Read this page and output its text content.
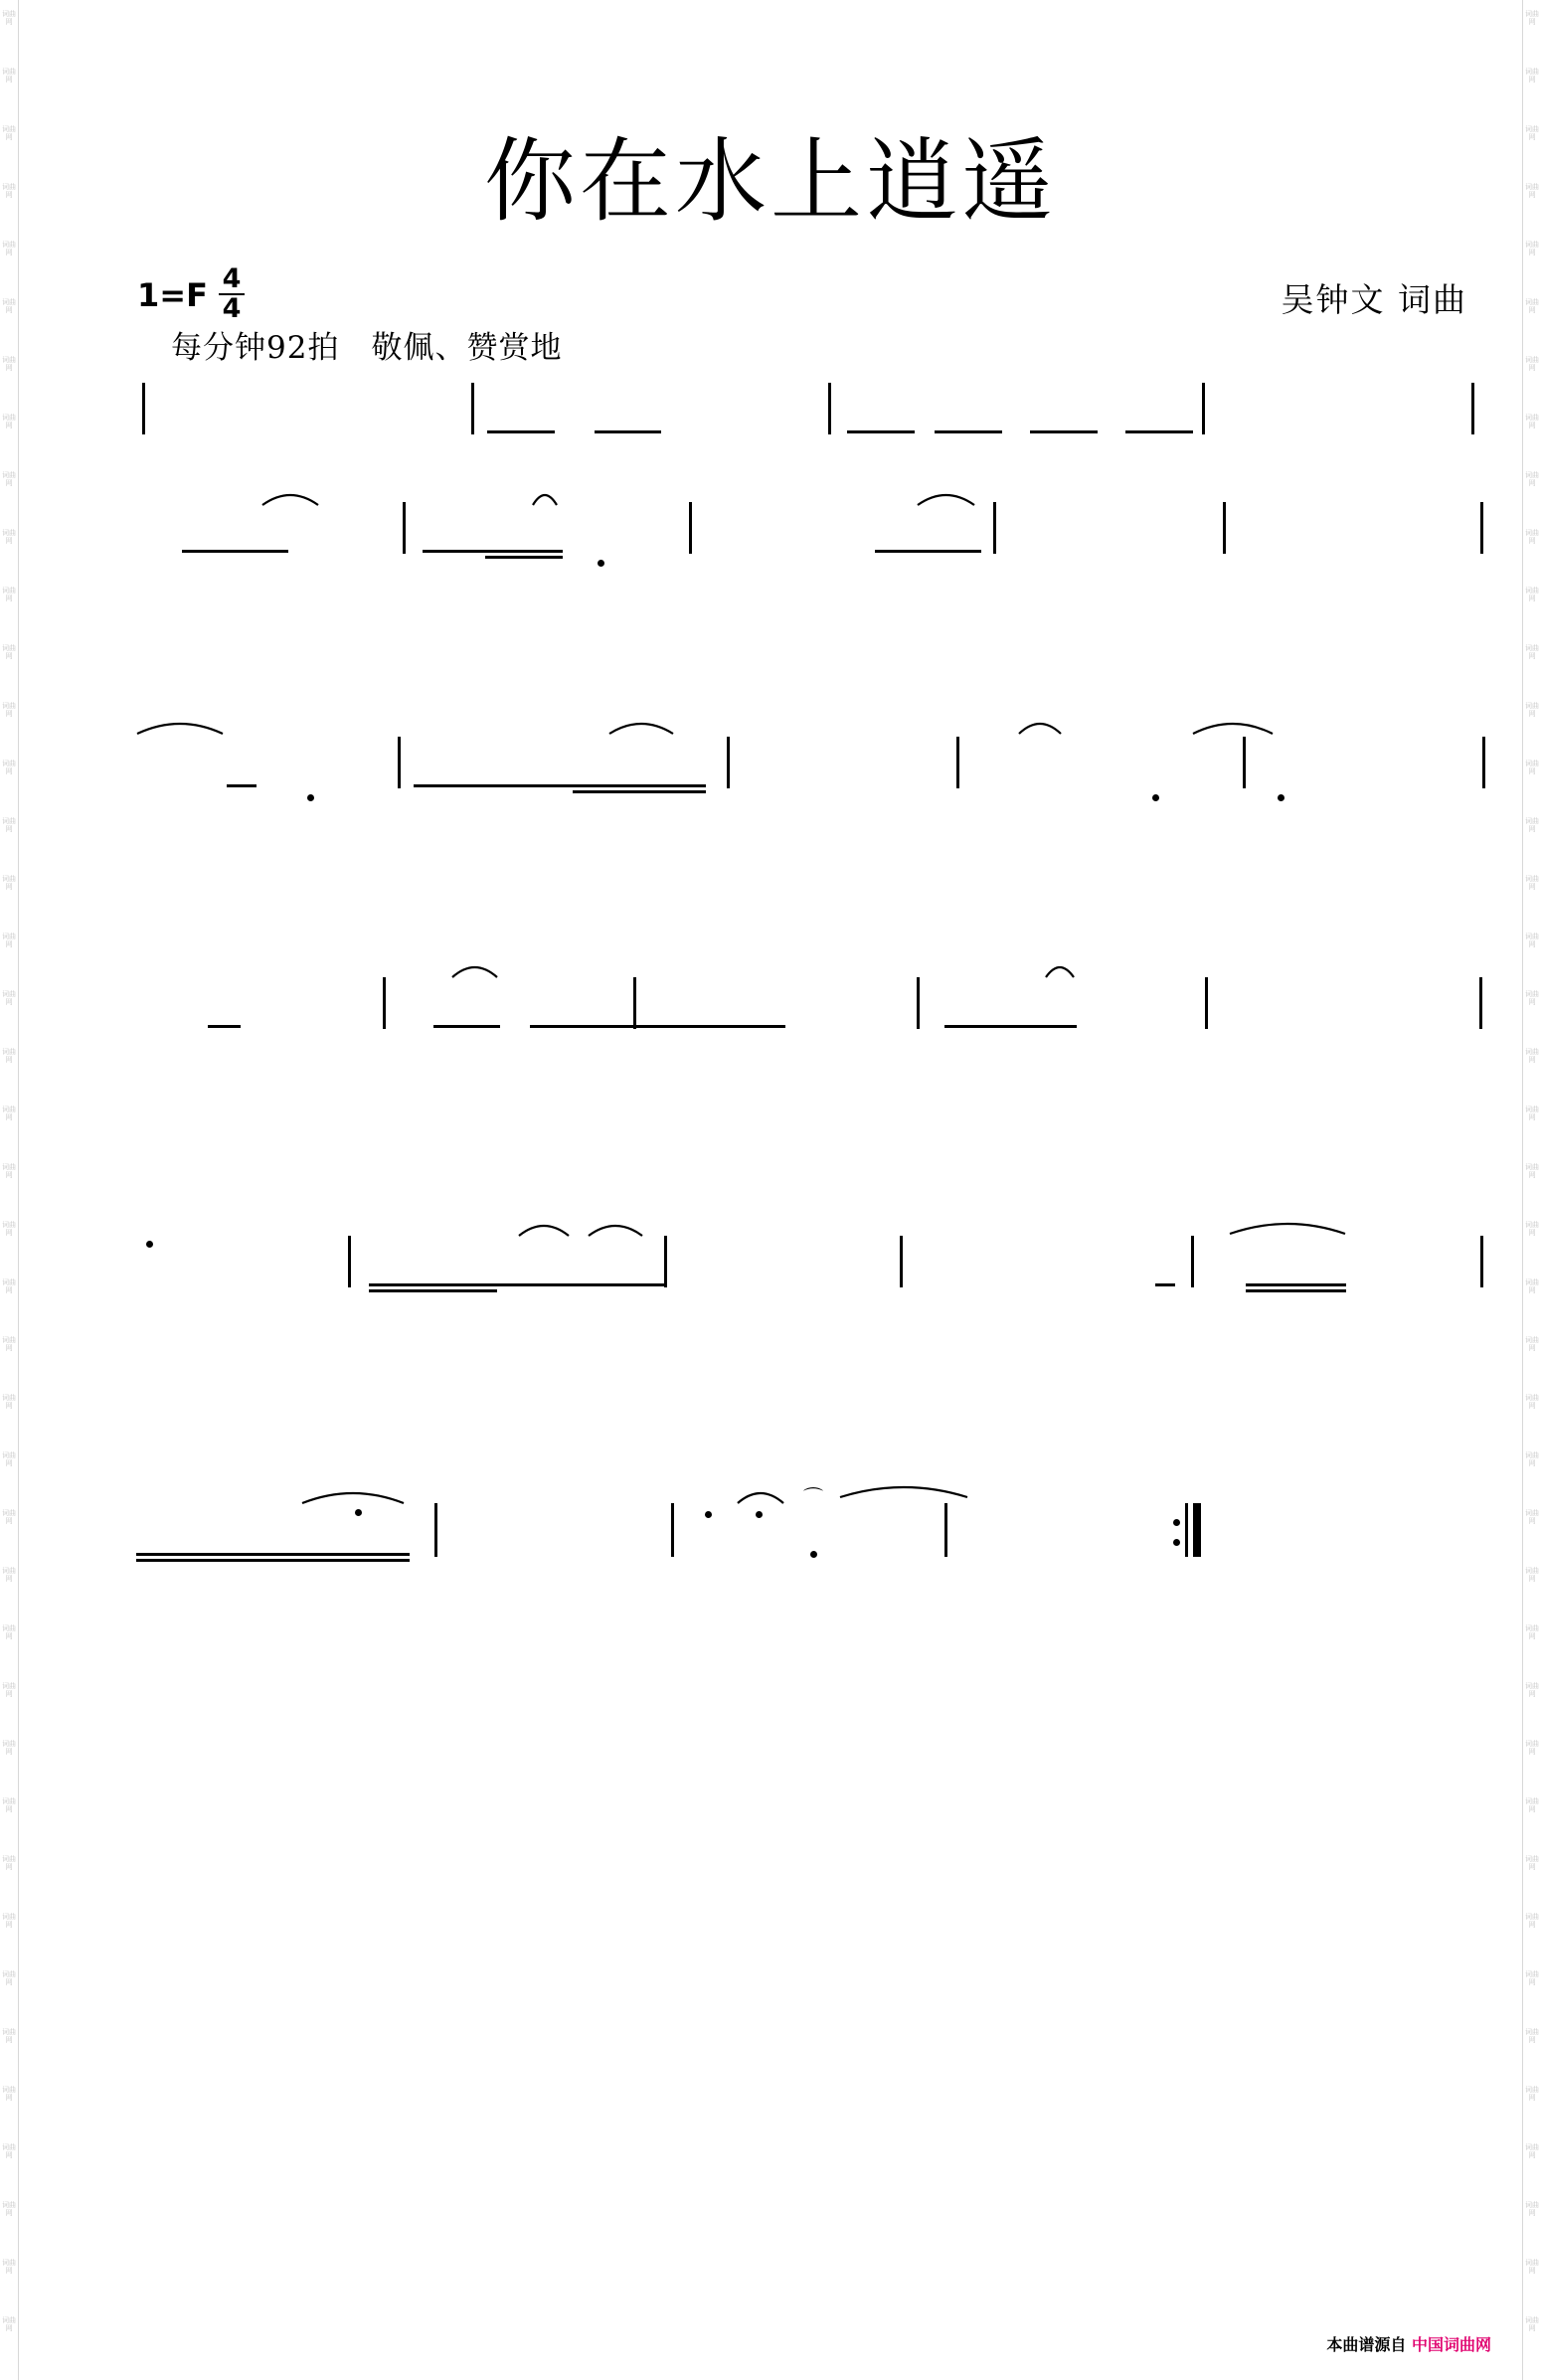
词曲网
词曲网
词曲网
词曲网
词曲网
词曲网
词曲网
词曲网
词曲网
词曲网
词曲网
词曲网
词曲网
词曲网
词曲网
词曲网
词曲网
词曲网
词曲网
词曲网
词曲网
词曲网
词曲网
词曲网
词曲网
词曲网
词曲网
词曲网
词曲网
词曲网
词曲网
词曲网
词曲网
词曲网
词曲网
词曲网
词曲网
词曲网
词曲网
词曲网
词曲网
词曲网
词曲网
词曲网
词曲网
词曲网
词曲网
词曲网
词曲网
词曲网
词曲网
词曲网
词曲网
词曲网
词曲网
词曲网
词曲网
词曲网
词曲网
词曲网
词曲网
词曲网
词曲网
词曲网
词曲网
词曲网
词曲网
词曲网
词曲网
词曲网
词曲网
词曲网
词曲网
词曲网
词曲网
词曲网
词曲网
词曲网
词曲网
词曲网
词曲网
词曲网
你在水上逍遥
1=F 4
4	吴钟文 词曲
每分钟92拍　敬佩、赞赏地
⌒
本曲谱源自 中国词曲网
